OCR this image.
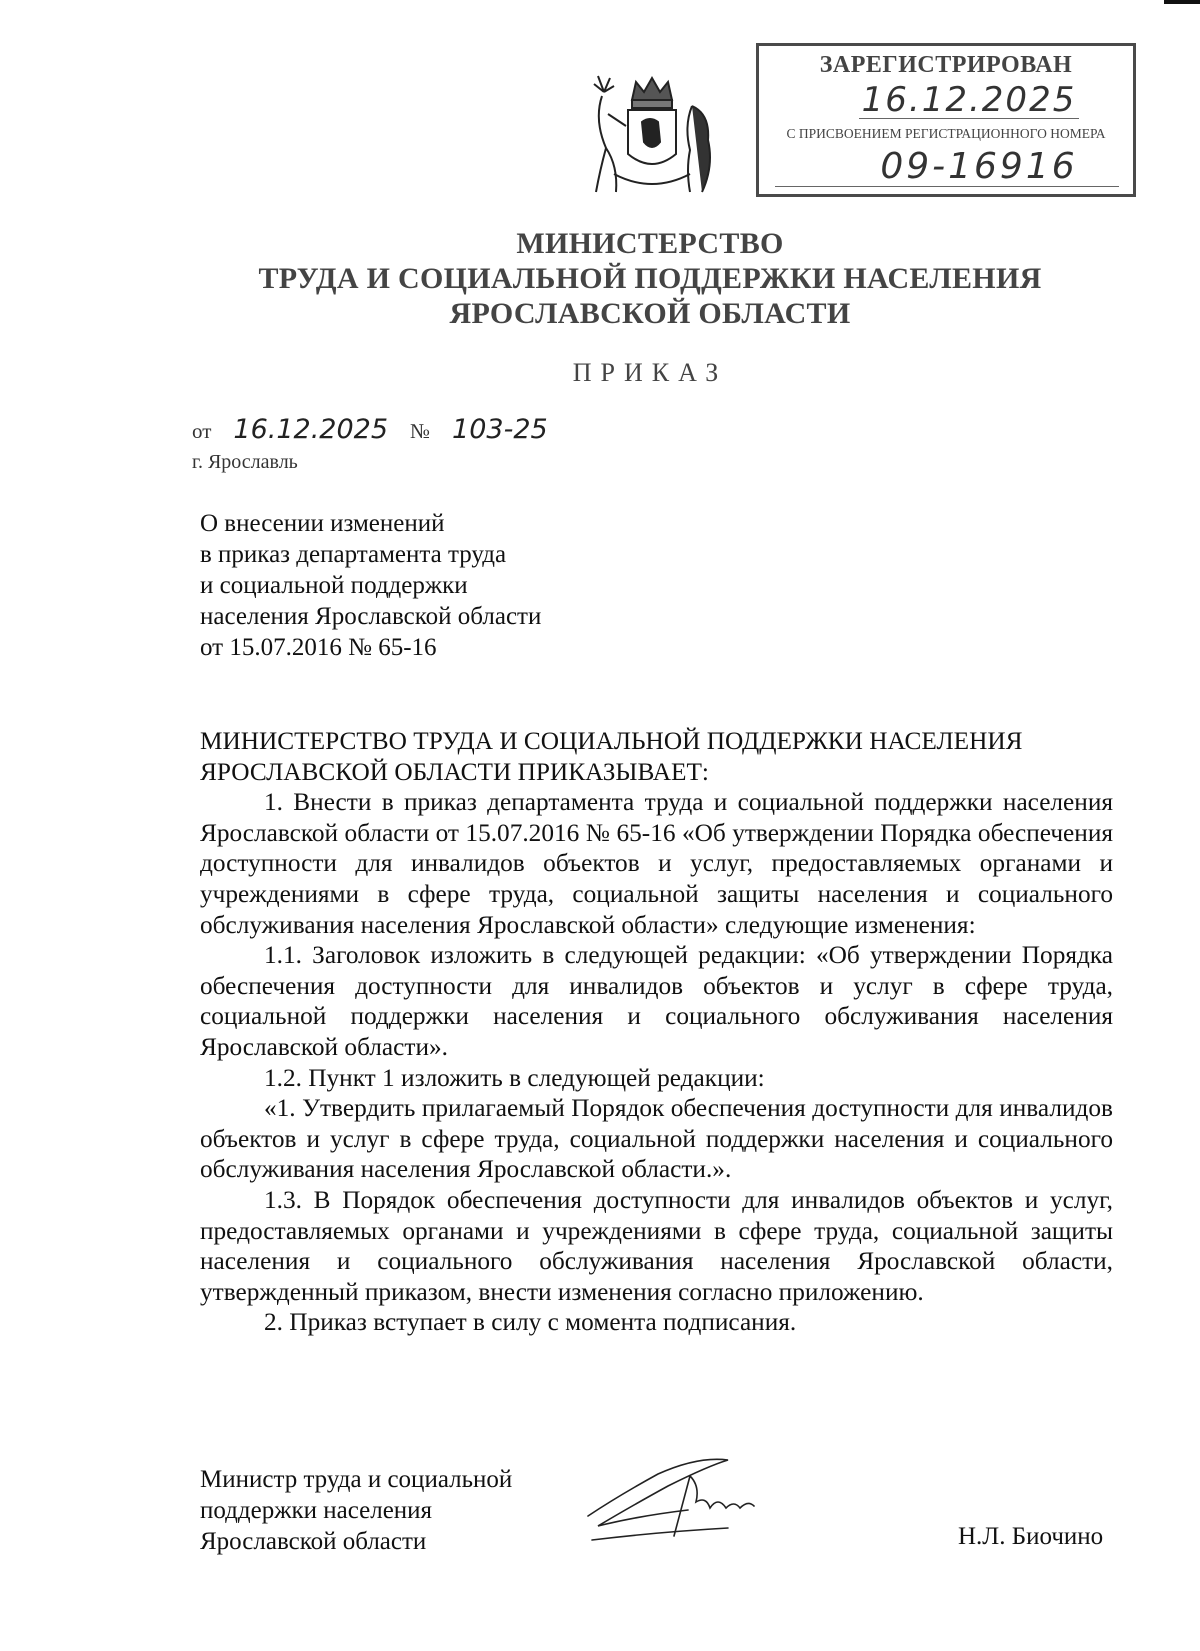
ЗАРЕГИСТРИРОВАН
16.12.2025
С ПРИСВОЕНИЕМ РЕГИСТРАЦИОННОГО НОМЕРА
09-16916
МИНИСТЕРСТВО
ТРУДА И СОЦИАЛЬНОЙ ПОДДЕРЖКИ НАСЕЛЕНИЯ
ЯРОСЛАВСКОЙ ОБЛАСТИ
ПРИКАЗ
от 16.12.2025 № 103-25
г. Ярославль
О внесении изменений
в приказ департамента труда
и социальной поддержки
населения Ярославской области
от 15.07.2016 № 65-16

МИНИСТЕРСТВО ТРУДА И СОЦИАЛЬНОЙ ПОДДЕРЖКИ НАСЕЛЕНИЯ ЯРОСЛАВСКОЙ ОБЛАСТИ ПРИКАЗЫВАЕТ:

1. Внести в приказ департамента труда и социальной поддержки населения Ярославской области от 15.07.2016 № 65-16 «Об утверждении Порядка обеспечения доступности для инвалидов объектов и услуг, предоставляемых органами и учреждениями в сфере труда, социальной защиты населения и социального обслуживания населения Ярославской области» следующие изменения:

1.1. Заголовок изложить в следующей редакции: «Об утверждении Порядка обеспечения доступности для инвалидов объектов и услуг в сфере труда, социальной поддержки населения и социального обслуживания населения Ярославской области».

1.2. Пункт 1 изложить в следующей редакции:

«1. Утвердить прилагаемый Порядок обеспечения доступности для инвалидов объектов и услуг в сфере труда, социальной поддержки населения и социального обслуживания населения Ярославской области.».

1.3. В Порядок обеспечения доступности для инвалидов объектов и услуг, предоставляемых органами и учреждениями в сфере труда, социальной защиты населения и социального обслуживания населения Ярославской области, утвержденный приказом, внести изменения согласно приложению.

2. Приказ вступает в силу с момента подписания.

Министр труда и социальной
поддержки населения
Ярославской области	Н.Л. Биочино
